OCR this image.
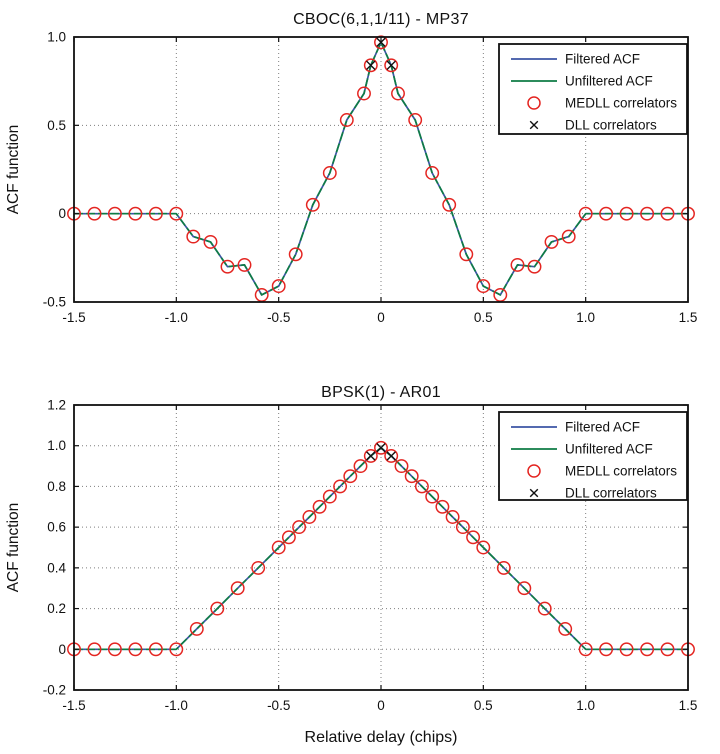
-1.5	-1.0	-0.5	0	0.5	1.0	1.5
1.0
0.5
0
-0.5
CBOC(6,1,1/11) - MP37
ACF function
Filtered ACF
Unfiltered ACF
MEDLL correlators
DLL correlators
-1.5	-1.0	-0.5	0	0.5	1.0	1.5
1.2
1.0
0.8
0.6
0.4
0.2
0
-0.2
BPSK(1) - AR01
ACF function
Relative delay (chips)
Filtered ACF
Unfiltered ACF
MEDLL correlators
DLL correlators
